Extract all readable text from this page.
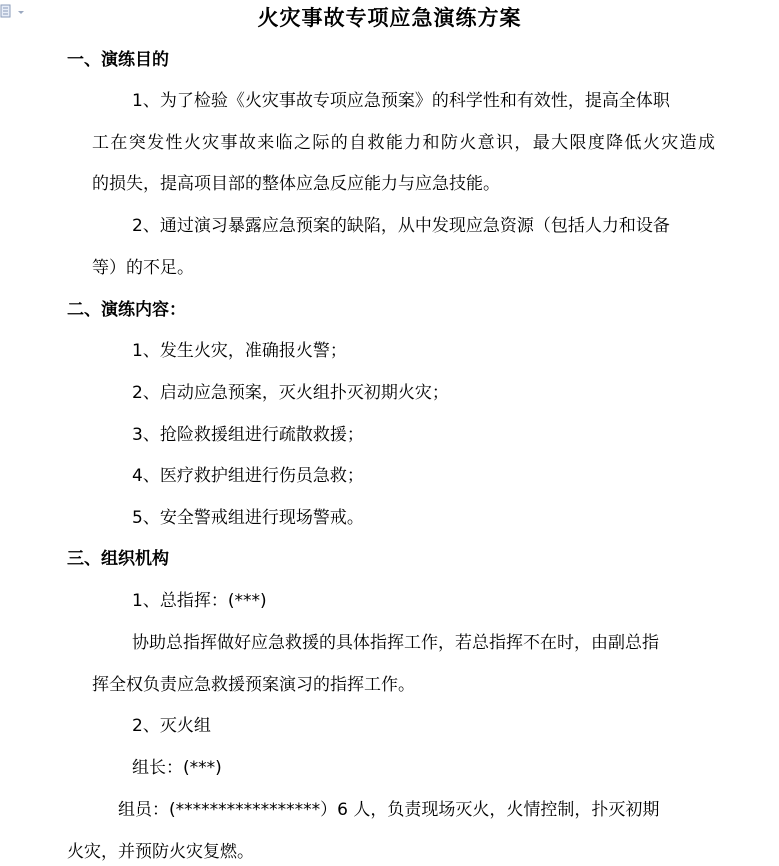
火灾事故专项应急演练方案
一、演练目的
1、为了检验《火灾事故专项应急预案》的科学性和有效性，提高全体职
工在突发性火灾事故来临之际的自救能力和防火意识，最大限度降低火灾造成
的损失，提高项目部的整体应急反应能力与应急技能。
2、通过演习暴露应急预案的缺陷，从中发现应急资源（包括人力和设备
等）的不足。
二、演练内容：
1、发生火灾，准确报火警；
2、启动应急预案，灭火组扑灭初期火灾；
3、抢险救援组进行疏散救援；
4、医疗救护组进行伤员急救；
5、安全警戒组进行现场警戒。
三、组织机构
1、总指挥：(***)
协助总指挥做好应急救援的具体指挥工作，若总指挥不在时，由副总指
挥全权负责应急救援预案演习的指挥工作。
2、灭火组
组长：(***)
组员：(*****************）6 人，负责现场灭火，火情控制，扑灭初期
火灾，并预防火灾复燃。
